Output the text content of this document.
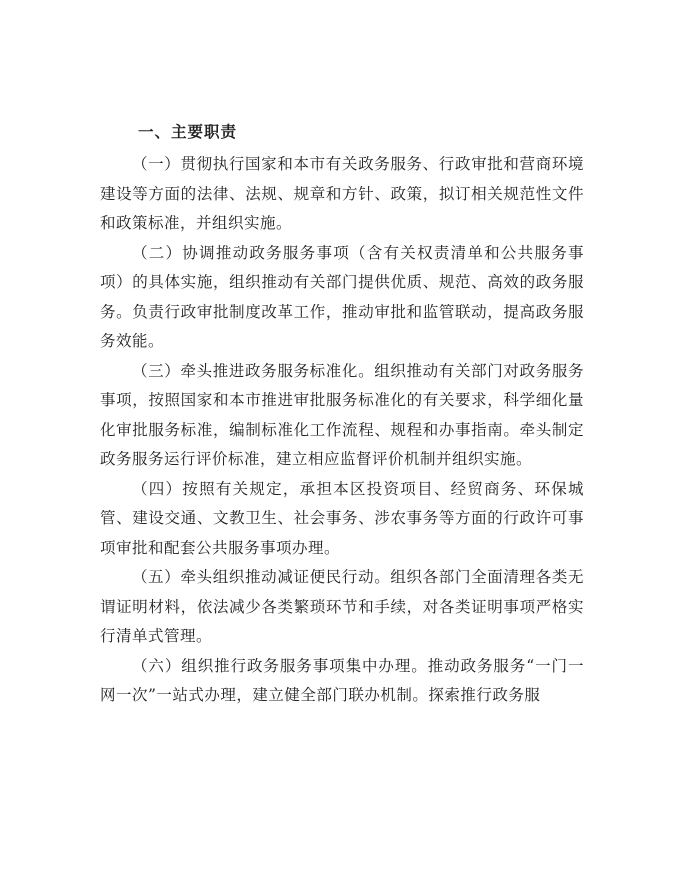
一、主要职责

（一）贯彻执行国家和本市有关政务服务、行政审批和营商环境建设等方面的法律、法规、规章和方针、政策，拟订相关规范性文件和政策标准，并组织实施。

（二）协调推动政务服务事项（含有关权责清单和公共服务事项）的具体实施，组织推动有关部门提供优质、规范、高效的政务服务。负责行政审批制度改革工作，推动审批和监管联动，提高政务服务效能。

（三）牵头推进政务服务标准化。组织推动有关部门对政务服务事项，按照国家和本市推进审批服务标准化的有关要求，科学细化量化审批服务标准，编制标准化工作流程、规程和办事指南。牵头制定政务服务运行评价标准，建立相应监督评价机制并组织实施。

（四）按照有关规定，承担本区投资项目、经贸商务、环保城管、建设交通、文教卫生、社会事务、涉农事务等方面的行政许可事项审批和配套公共服务事项办理。

（五）牵头组织推动减证便民行动。组织各部门全面清理各类无谓证明材料，依法减少各类繁琐环节和手续，对各类证明事项严格实行清单式管理。

（六）组织推行政务服务事项集中办理。推动政务服务“一门一网一次”一站式办理，建立健全部门联办机制。探索推行政务服
